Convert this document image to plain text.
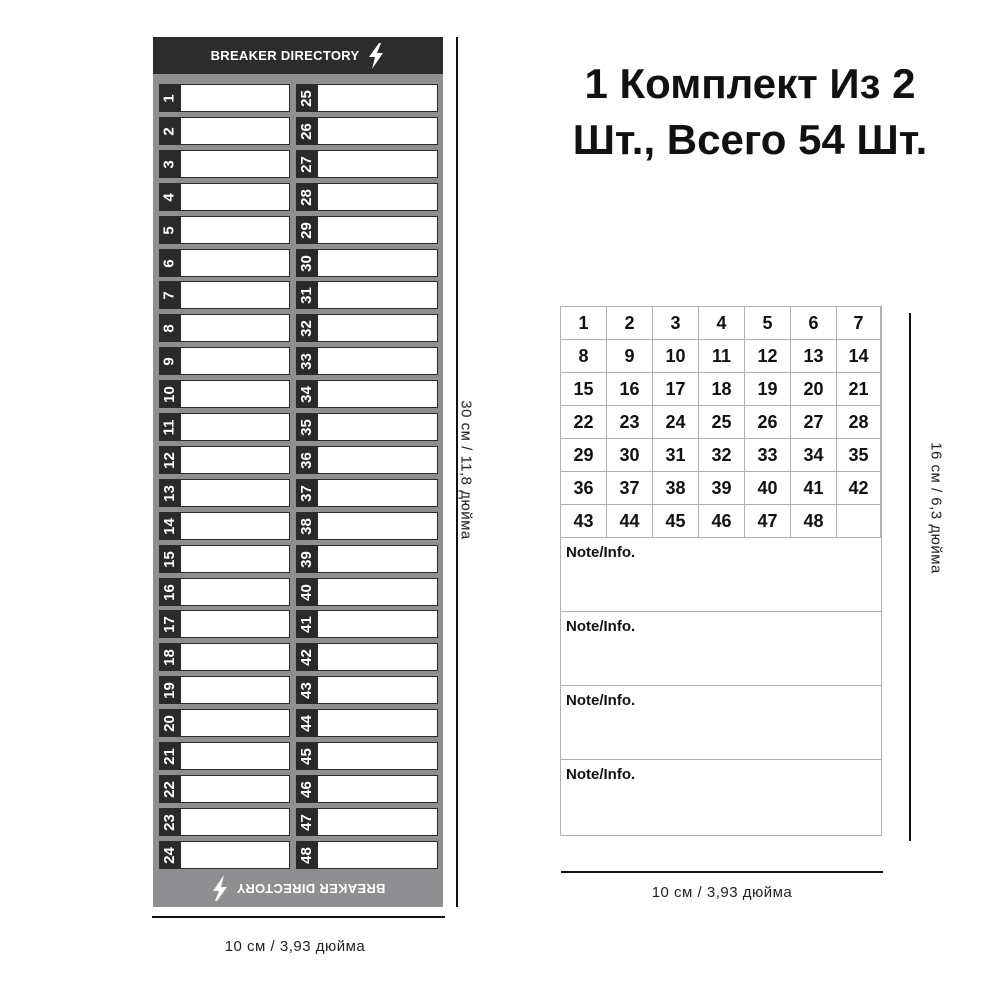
BREAKER DIRECTORY
1	25
2	26
3	27
4	28
5	29
6	30
7	31
8	32
9	33
10	34
11	35
12	36
13	37
14	38
15	39
16	40
17	41
18	42
19	43
20	44
21	45
22	46
23	47
24	48
BREAKER DIRECTORY
30 см / 11,8 дюйма
10 см / 3,93 дюйма
1 Комплект Из 2
Шт., Всего 54 Шт.
1	2	3	4	5	6	7
8	9	10	11	12	13	14
15	16	17	18	19	20	21
22	23	24	25	26	27	28
29	30	31	32	33	34	35
36	37	38	39	40	41	42
43	44	45	46	47	48
Note/Info.
Note/Info.
Note/Info.
Note/Info.
16 см / 6,3 дюйма
10 см / 3,93 дюйма
